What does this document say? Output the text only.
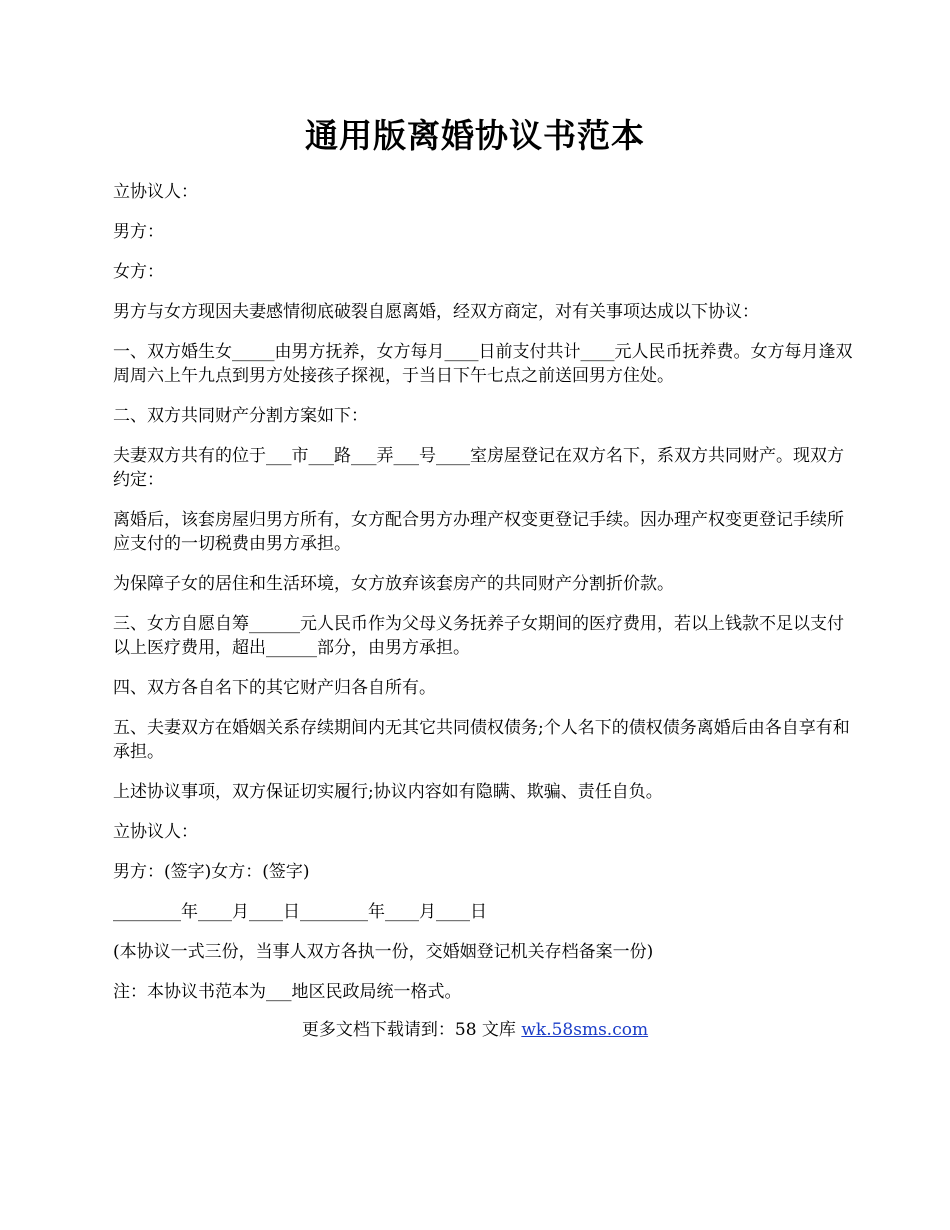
通用版离婚协议书范本

立协议人：

男方：

女方：

男方与女方现因夫妻感情彻底破裂自愿离婚，经双方商定，对有关事项达成以下协议：

一、双方婚生女_____由男方抚养，女方每月____日前支付共计____元人民币抚养费。女方每月逢双周周六上午九点到男方处接孩子探视，于当日下午七点之前送回男方住处。

二、双方共同财产分割方案如下：

夫妻双方共有的位于___市___路___弄___号____室房屋登记在双方名下，系双方共同财产。现双方约定：

离婚后，该套房屋归男方所有，女方配合男方办理产权变更登记手续。因办理产权变更登记手续所应支付的一切税费由男方承担。

为保障子女的居住和生活环境，女方放弃该套房产的共同财产分割折价款。

三、女方自愿自筹______元人民币作为父母义务抚养子女期间的医疗费用，若以上钱款不足以支付以上医疗费用，超出______部分，由男方承担。

四、双方各自名下的其它财产归各自所有。

五、夫妻双方在婚姻关系存续期间内无其它共同债权债务;个人名下的债权债务离婚后由各自享有和承担。

上述协议事项，双方保证切实履行;协议内容如有隐瞒、欺骗、责任自负。

立协议人：

男方：(签字)女方：(签字)

________年____月____日________年____月____日

(本协议一式三份，当事人双方各执一份，交婚姻登记机关存档备案一份)

注：本协议书范本为___地区民政局统一格式。

更多文档下载请到：58 文库 wk.58sms.com
